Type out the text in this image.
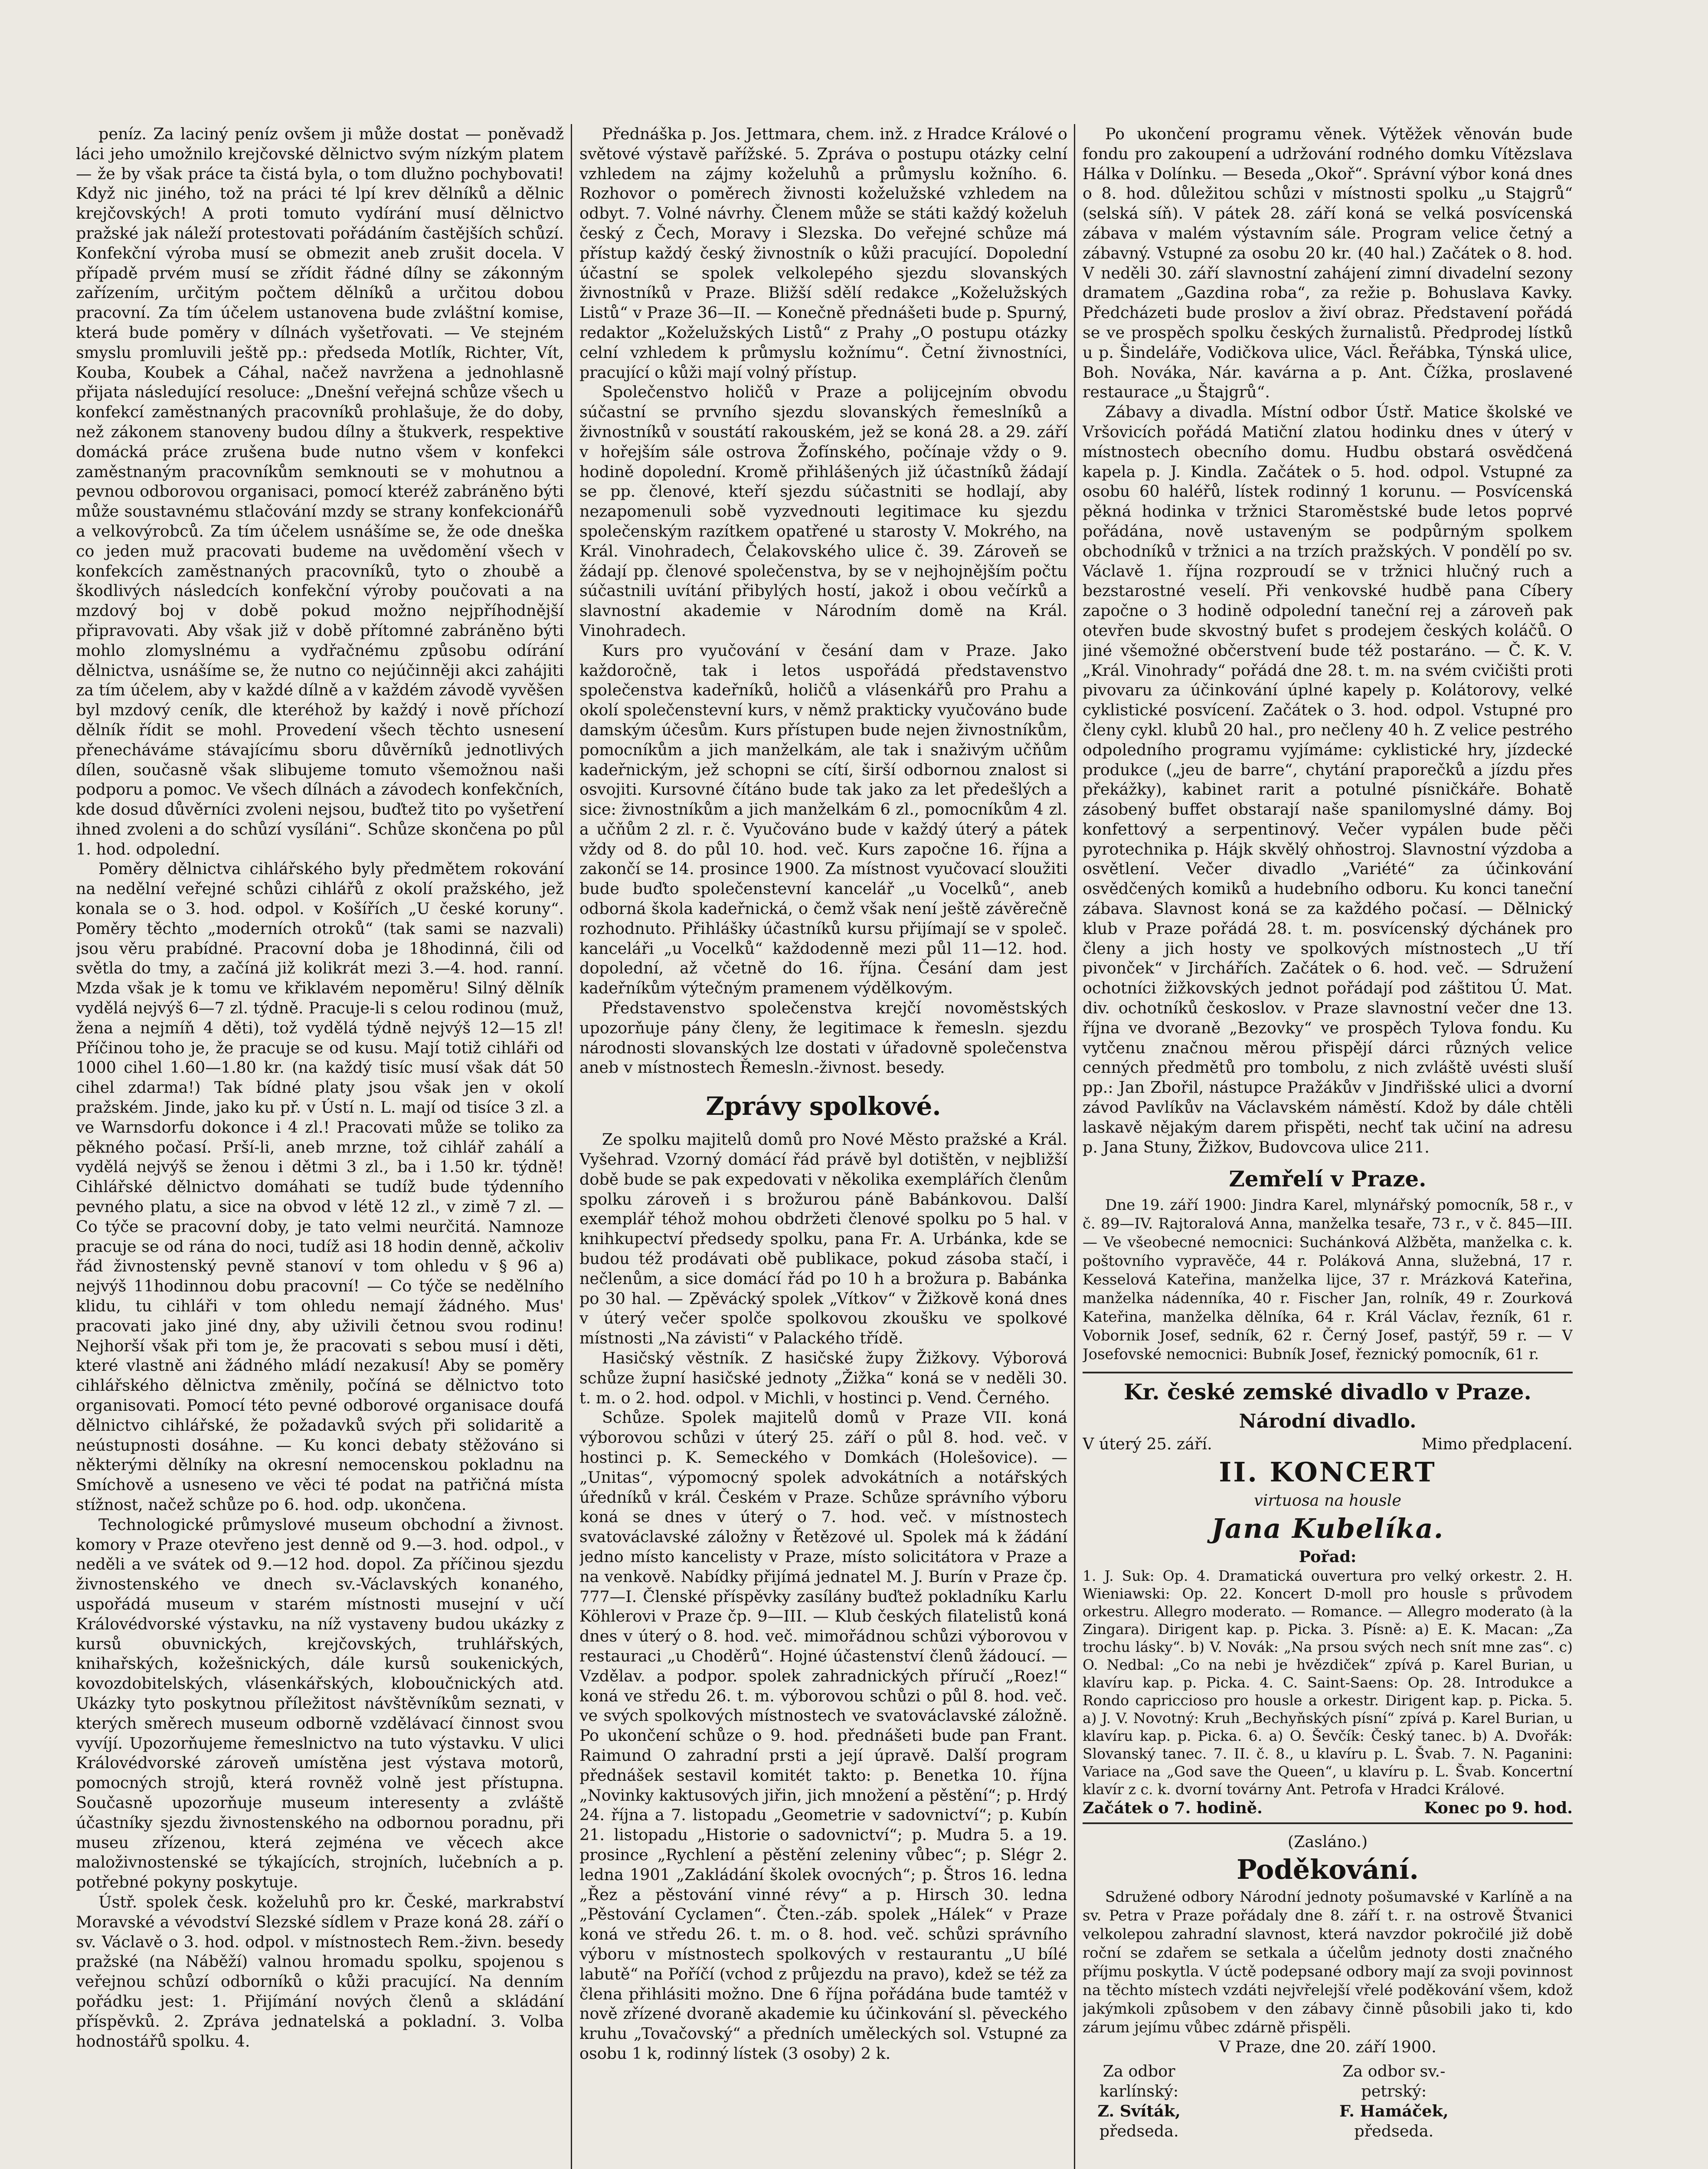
peníz. Za laciný peníz ovšem ji může dostat — poněvadž láci jeho umožnilo krejčovské dělnictvo svým nízkým platem — že by však práce ta čistá byla, o tom dlužno pochybovati! Když nic jiného, tož na práci té lpí krev dělníků a dělnic krejčovských! A proti tomuto vydírání musí dělnictvo pražské jak náleží protestovati pořádáním častějších schůzí. Konfekční výroba musí se obmezit aneb zrušit docela. V případě prvém musí se zřídit řádné dílny se zákonným zařízením, určitým počtem dělníků a určitou dobou pracovní. Za tím účelem ustanovena bude zvláštní komise, která bude poměry v dílnách vyšetřovati. — Ve stejném smyslu promluvili ještě pp.: předseda Motlík, Richter, Vít, Kouba, Koubek a Cáhal, načež navržena a jednohlasně přijata následující resoluce: „Dnešní veřejná schůze všech u konfekcí zaměstnaných pracovníků prohlašuje, že do doby, než zákonem stanoveny budou dílny a štukverk, respektive domácká práce zrušena bude nutno všem v konfekci zaměstnaným pracovníkům semknouti se v mohutnou a pevnou odborovou organisaci, pomocí kteréž zabráněno býti může soustavnému stlačování mzdy se strany konfekcionářů a velkovýrobců. Za tím účelem usnášíme se, že ode dneška co jeden muž pracovati budeme na uvědomění všech v konfekcích zaměstnaných pracovníků, tyto o zhoubě a škodlivých následcích konfekční výroby poučovati a na mzdový boj v době pokud možno nejpříhodnější připravovati. Aby však již v době přítomné zabráněno býti mohlo zlomyslnému a vydřačnému způsobu odírání dělnictva, usnášíme se, že nutno co nejúčinněji akci zahájiti za tím účelem, aby v každé dílně a v každém závodě vyvěšen byl mzdový ceník, dle kteréhož by každý i nově příchozí dělník řídit se mohl. Provedení všech těchto usnesení přenecháváme stávajícímu sboru důvěrníků jednotlivých dílen, současně však slibujeme tomuto všemožnou naši podporu a pomoc. Ve všech dílnách a závodech konfekčních, kde dosud důvěrníci zvoleni nejsou, buďtež tito po vyšetření ihned zvoleni a do schůzí vysíláni“. Schůze skončena po půl 1. hod. odpolední.

Poměry dělnictva cihlářského byly předmětem rokování na nedělní veřejné schůzi cihlářů z okolí pražského, jež konala se o 3. hod. odpol. v Košířích „U české koruny“. Poměry těchto „moderních otroků“ (tak sami se nazvali) jsou věru prabídné. Pracovní doba je 18hodinná, čili od světla do tmy, a začíná již kolikrát mezi 3.—4. hod. ranní. Mzda však je k tomu ve křiklavém nepoměru! Silný dělník vydělá nejvýš 6—7 zl. týdně. Pracuje-li s celou rodinou (muž, žena a nejmíň 4 děti), tož vydělá týdně nejvýš 12—15 zl! Příčinou toho je, že pracuje se od kusu. Mají totiž cihláři od 1000 cihel 1.60—1.80 kr. (na každý tisíc musí však dát 50 cihel zdarma!) Tak bídné platy jsou však jen v okolí pražském. Jinde, jako ku př. v Ústí n. L. mají od tisíce 3 zl. a ve Warnsdorfu dokonce i 4 zl.! Pracovati může se toliko za pěkného počasí. Prší-li, aneb mrzne, tož cihlář zahálí a vydělá nejvýš se ženou i dětmi 3 zl., ba i 1.50 kr. týdně! Cihlářské dělnictvo domáhati se tudíž bude týdenního pevného platu, a sice na obvod v létě 12 zl., v zimě 7 zl. — Co týče se pracovní doby, je tato velmi neurčitá. Namnoze pracuje se od rána do noci, tudíž asi 18 hodin denně, ačkoliv řád živnostenský pevně stanoví v tom ohledu v § 96 a) nejvýš 11hodinnou dobu pracovní! — Co týče se nedělního klidu, tu cihláři v tom ohledu nemají žádného. Mus' pracovati jako jiné dny, aby uživili četnou svou rodinu! Nejhorší však při tom je, že pracovati s sebou musí i děti, které vlastně ani žádného mládí nezakusí! Aby se poměry cihlářského dělnictva změnily, počíná se dělnictvo toto organisovati. Pomocí této pevné odborové organisace doufá dělnictvo cihlářské, že požadavků svých při solidaritě a neústupnosti dosáhne. — Ku konci debaty stěžováno si některými dělníky na okresní nemocenskou pokladnu na Smíchově a usneseno ve věci té podat na patřičná místa stížnost, načež schůze po 6. hod. odp. ukončena.

Technologické průmyslové museum obchodní a živnost. komory v Praze otevřeno jest denně od 9.—3. hod. odpol., v neděli a ve svátek od 9.—12 hod. dopol. Za příčinou sjezdu živnostenského ve dnech sv.-Václavských konaného, uspořádá museum v starém místnosti musejní v učí Královédvorské výstavku, na níž vystaveny budou ukázky z kursů obuvnických, krejčovských, truhlářských, knihařských, kožešnických, dále kursů soukenických, kovozdobitelských, vlásenkářských, kloboučnických atd. Ukázky tyto poskytnou příležitost návštěvníkům seznati, v kterých směrech museum odborně vzdělávací činnost svou vyvíjí. Upozorňujeme řemeslnictvo na tuto výstavku. V ulici Královédvorské zároveň umístěna jest výstava motorů, pomocných strojů, která rovněž volně jest přístupna. Současně upozorňuje museum interesenty a zvláště účastníky sjezdu živnostenského na odbornou poradnu, při museu zřízenou, která zejména ve věcech akce maloživnostenské se týkajících, strojních, lučebních a p. potřebné pokyny poskytuje.

Ústř. spolek česk. koželuhů pro kr. České, markrabství Moravské a vévodství Slezské sídlem v Praze koná 28. září o sv. Václavě o 3. hod. odpol. v místnostech Rem.-živn. besedy pražské (na Náběží) valnou hromadu spolku, spojenou s veřejnou schůzí odborníků o kůži pracující. Na denním pořádku jest: 1. Přijímání nových členů a skládání příspěvků. 2. Zpráva jednatelská a pokladní. 3. Volba hodnostářů spolku. 4.

Přednáška p. Jos. Jettmara, chem. inž. z Hradce Králové o světové výstavě pařížské. 5. Zpráva o postupu otázky celní vzhledem na zájmy koželuhů a průmyslu kožního. 6. Rozhovor o poměrech živnosti koželužské vzhledem na odbyt. 7. Volné návrhy. Členem může se státi každý koželuh český z Čech, Moravy i Slezska. Do veřejné schůze má přístup každý český živnostník o kůži pracující. Dopolední účastní se spolek velkolepého sjezdu slovanských živnostníků v Praze. Bližší sdělí redakce „Koželužských Listů“ v Praze 36—II. — Konečně přednášeti bude p. Spurný, redaktor „Koželužských Listů“ z Prahy „O postupu otázky celní vzhledem k průmyslu kožnímu“. Četní živnostníci, pracující o kůži mají volný přístup.

Společenstvo holičů v Praze a polijcejním obvodu súčastní se prvního sjezdu slovanských řemeslníků a živnostníků v soustátí rakouském, jež se koná 28. a 29. září v hořejším sále ostrova Žofínského, počínaje vždy o 9. hodině dopolední. Kromě přihlášených již účastníků žádají se pp. členové, kteří sjezdu súčastniti se hodlají, aby nezapomenuli sobě vyzvednouti legitimace ku sjezdu společenským razítkem opatřené u starosty V. Mokrého, na Král. Vinohradech, Čelakovského ulice č. 39. Zároveň se žádají pp. členové společenstva, by se v nejhojnějším počtu súčastnili uvítání přibylých hostí, jakož i obou večírků a slavnostní akademie v Národním domě na Král. Vinohradech.

Kurs pro vyučování v česání dam v Praze. Jako každoročně, tak i letos uspořádá představenstvo společenstva kadeřníků, holičů a vlásenkářů pro Prahu a okolí společenstevní kurs, v němž prakticky vyučováno bude damským účesům. Kurs přístupen bude nejen živnostníkům, pomocníkům a jich manželkám, ale tak i snaživým učňům kadeřnickým, jež schopni se cítí, širší odbornou znalost si osvojiti. Kursovné čítáno bude tak jako za let předešlých a sice: živnostníkům a jich manželkám 6 zl., pomocníkům 4 zl. a učňům 2 zl. r. č. Vyučováno bude v každý úterý a pátek vždy od 8. do půl 10. hod. več. Kurs započne 16. října a zakončí se 14. prosince 1900. Za místnost vyučovací sloužiti bude buďto společenstevní kancelář „u Vocelků“, aneb odborná škola kadeřnická, o čemž však není ještě závěrečně rozhodnuto. Přihlášky účastníků kursu přijímají se v společ. kanceláři „u Vocelků“ každodenně mezi půl 11—12. hod. dopolední, až včetně do 16. října. Česání dam jest kadeřníkům výtečným pramenem výdělkovým.

Představenstvo společenstva krejčí novoměstských upozorňuje pány členy, že legitimace k řemesln. sjezdu národnosti slovanských lze dostati v úřadovně společenstva aneb v místnostech Řemesln.-živnost. besedy.

Zprávy spolkové.

Ze spolku majitelů domů pro Nové Město pražské a Král. Vyšehrad. Vzorný domácí řád právě byl dotištěn, v nejbližší době bude se pak expedovati v několika exemplářích členům spolku zároveň i s brožurou páně Babánkovou. Další exemplář téhož mohou obdržeti členové spolku po 5 hal. v knihkupectví předsedy spolku, pana Fr. A. Urbánka, kde se budou též prodávati obě publikace, pokud zásoba stačí, i nečlenům, a sice domácí řád po 10 h a brožura p. Babánka po 30 hal. — Zpěvácký spolek „Vítkov“ v Žižkově koná dnes v úterý večer spolče spolkovou zkoušku ve spolkové místnosti „Na závisti“ v Palackého třídě.

Hasičský věstník. Z hasičské župy Žižkovy. Výborová schůze župní hasičské jednoty „Žižka“ koná se v neděli 30. t. m. o 2. hod. odpol. v Michli, v hostinci p. Vend. Černého.

Schůze. Spolek majitelů domů v Praze VII. koná výborovou schůzi v úterý 25. září o půl 8. hod. več. v hostinci p. K. Semeckého v Domkách (Holešovice). — „Unitas“, výpomocný spolek advokátních a notářských úředníků v král. Českém v Praze. Schůze správního výboru koná se dnes v úterý o 7. hod. več. v místnostech svatováclavské záložny v Řetězové ul. Spolek má k žádání jedno místo kancelisty v Praze, místo solicitátora v Praze a na venkově. Nabídky přijímá jednatel M. J. Burín v Praze čp. 777—I. Členské příspěvky zasílány buďtež pokladníku Karlu Köhlerovi v Praze čp. 9—III. — Klub českých filatelistů koná dnes v úterý o 8. hod. več. mimořádnou schůzi výborovou v restauraci „u Choděrů“. Hojné účastenství členů žádoucí. — Vzdělav. a podpor. spolek zahradnických příručí „Roez!“ koná ve středu 26. t. m. výborovou schůzi o půl 8. hod. več. ve svých spolkových místnostech ve svatováclavské záložně. Po ukončení schůze o 9. hod. přednášeti bude pan Frant. Raimund O zahradní prsti a její úpravě. Další program přednášek sestavil komitét takto: p. Benetka 10. října „Novinky kaktusových jiřin, jich množení a pěstění“; p. Hrdý 24. října a 7. listopadu „Geometrie v sadovnictví“; p. Kubín 21. listopadu „Historie o sadovnictví“; p. Mudra 5. a 19. prosince „Rychlení a pěstění zeleniny vůbec“; p. Slégr 2. ledna 1901 „Zakládání školek ovocných“; p. Štros 16. ledna „Řez a pěstování vinné révy“ a p. Hirsch 30. ledna „Pěstování Cyclamen“. Čten.-záb. spolek „Hálek“ v Praze koná ve středu 26. t. m. o 8. hod. več. schůzi správního výboru v místnostech spolkových v restaurantu „U bílé labutě“ na Poříčí (vchod z průjezdu na pravo), kdež se též za člena přihlásiti možno. Dne 6 října pořádána bude tamtéž v nově zřízené dvoraně akademie ku účinkování sl. pěveckého kruhu „Tovačovský“ a předních uměleckých sol. Vstupné za osobu 1 k, rodinný lístek (3 osoby) 2 k.

Po ukončení programu věnek. Výtěžek věnován bude fondu pro zakoupení a udržování rodného domku Vítězslava Hálka v Dolínku. — Beseda „Okoř“. Správní výbor koná dnes o 8. hod. důležitou schůzi v místnosti spolku „u Stajgrů“ (selská síň). V pátek 28. září koná se velká posvícenská zábava v malém výstavním sále. Program velice četný a zábavný. Vstupné za osobu 20 kr. (40 hal.) Začátek o 8. hod. V neděli 30. září slavnostní zahájení zimní divadelní sezony dramatem „Gazdina roba“, za režie p. Bohuslava Kavky. Předcházeti bude proslov a živí obraz. Představení pořádá se ve prospěch spolku českých žurnalistů. Předprodej lístků u p. Šindeláře, Vodičkova ulice, Václ. Řeřábka, Týnská ulice, Boh. Nováka, Nár. kavárna a p. Ant. Čížka, proslavené restaurace „u Štajgrů“.

Zábavy a divadla. Místní odbor Ústř. Matice školské ve Vršovicích pořádá Matiční zlatou hodinku dnes v úterý v místnostech obecního domu. Hudbu obstará osvědčená kapela p. J. Kindla. Začátek o 5. hod. odpol. Vstupné za osobu 60 haléřů, lístek rodinný 1 korunu. — Posvícenská pěkná hodinka v tržnici Staroměstské bude letos poprvé pořádána, nově ustaveným se podpůrným spolkem obchodníků v tržnici a na trzích pražských. V pondělí po sv. Václavě 1. října rozproudí se v tržnici hlučný ruch a bezstarostné veselí. Při venkovské hudbě pana Cíbery započne o 3 hodině odpolední taneční rej a zároveň pak otevřen bude skvostný bufet s prodejem českých koláčů. O jiné všemožné občerstvení bude též postaráno. — Č. K. V. „Král. Vinohrady“ pořádá dne 28. t. m. na svém cvičišti proti pivovaru za účinkování úplné kapely p. Kolátorovy, velké cyklistické posvícení. Začátek o 3. hod. odpol. Vstupné pro členy cykl. klubů 20 hal., pro nečleny 40 h. Z velice pestrého odpoledního programu vyjímáme: cyklistické hry, jízdecké produkce („jeu de barre“, chytání praporečků a jízdu přes překážky), kabinet rarit a potulné písničkáře. Bohatě zásobený buffet obstarají naše spanilomyslné dámy. Boj konfettový a serpentinový. Večer vypálen bude pěči pyrotechnika p. Hájk skvělý ohňostroj. Slavnostní výzdoba a osvětlení. Večer divadlo „Variété“ za účinkování osvědčených komiků a hudebního odboru. Ku konci taneční zábava. Slavnost koná se za každého počasí. — Dělnický klub v Praze pořádá 28. t. m. posvícenský dýchánek pro členy a jich hosty ve spolkových místnostech „U tří pivonček“ v Jirchářích. Začátek o 6. hod. več. — Sdružení ochotníci žižkovských jednot pořádají pod záštitou Ú. Mat. div. ochotníků českoslov. v Praze slavnostní večer dne 13. října ve dvoraně „Bezovky“ ve prospěch Tylova fondu. Ku vytčenu značnou měrou přispějí dárci různých velice cenných předmětů pro tombolu, z nich zvláště uvésti sluší pp.: Jan Zbořil, nástupce Pražákův v Jindřišské ulici a dvorní závod Pavlíkův na Václavském náměstí. Kdož by dále chtěli laskavě nějakým darem přispěti, nechť tak učiní na adresu p. Jana Stuny, Žižkov, Budovcova ulice 211.

Zemřelí v Praze.

Dne 19. září 1900: Jindra Karel, mlynářský pomocník, 58 r., v č. 89—IV. Rajtoralová Anna, manželka tesaře, 73 r., v č. 845—III. — Ve všeobecné nemocnici: Suchánková Alžběta, manželka c. k. poštovního vypravěče, 44 r. Poláková Anna, služebná, 17 r. Kesselová Kateřina, manželka lijce, 37 r. Mrázková Kateřina, manželka nádenníka, 40 r. Fischer Jan, rolník, 49 r. Zourková Kateřina, manželka dělníka, 64 r. Král Václav, řezník, 61 r. Vobornik Josef, sedník, 62 r. Černý Josef, pastýř, 59 r. — V Josefovské nemocnici: Bubník Josef, řeznický pomocník, 61 r.

Kr. české zemské divadlo v Praze.
Národní divadlo.
V úterý 25. září.	Mimo předplacení.
II. KONCERT
virtuosa na housle
Jana Kubelíka.
Pořad:

1. J. Suk: Op. 4. Dramatická ouvertura pro velký orkestr. 2. H. Wieniawski: Op. 22. Koncert D-moll pro housle s průvodem orkestru. Allegro moderato. — Romance. — Allegro moderato (à la Zingara). Dirigent kap. p. Picka. 3. Písně: a) E. K. Macan: „Za trochu lásky“. b) V. Novák: „Na prsou svých nech snít mne zas“. c) O. Nedbal: „Co na nebi je hvězdiček“ zpívá p. Karel Burian, u klavíru kap. p. Picka. 4. C. Saint-Saens: Op. 28. Introdukce a Rondo capriccioso pro housle a orkestr. Dirigent kap. p. Picka. 5. a) J. V. Novotný: Kruh „Bechyňských písní“ zpívá p. Karel Burian, u klavíru kap. p. Picka. 6. a) O. Ševčík: Český tanec. b) A. Dvořák: Slovanský tanec. 7. II. č. 8., u klavíru p. L. Švab. 7. N. Paganini: Variace na „God save the Queen“, u klavíru p. L. Švab. Koncertní klavír z c. k. dvorní továrny Ant. Petrofa v Hradci Králové.

Začátek o 7. hodině.	Konec po 9. hod.
(Zasláno.)
Poděkování.

Sdružené odbory Národní jednoty pošumavské v Karlíně a na sv. Petra v Praze pořádaly dne 8. září t. r. na ostrově Štvanici velkolepou zahradní slavnost, která navzdor pokročilé již době roční se zdařem se setkala a účelům jednoty dosti značného příjmu poskytla. V úctě podepsané odbory mají za svoji povinnost na těchto místech vzdáti nejvřelejší vřelé poděkování všem, kdož jakýmkoli způsobem v den zábavy činně působili jako ti, kdo zárum jejímu vůbec zdárně přispěli.

V Praze, dne 20. září 1900.
Za odbor karlínský:
Z. Svíták,
předseda.
Za odbor sv.-petrský:
F. Hamáček,
předseda.
